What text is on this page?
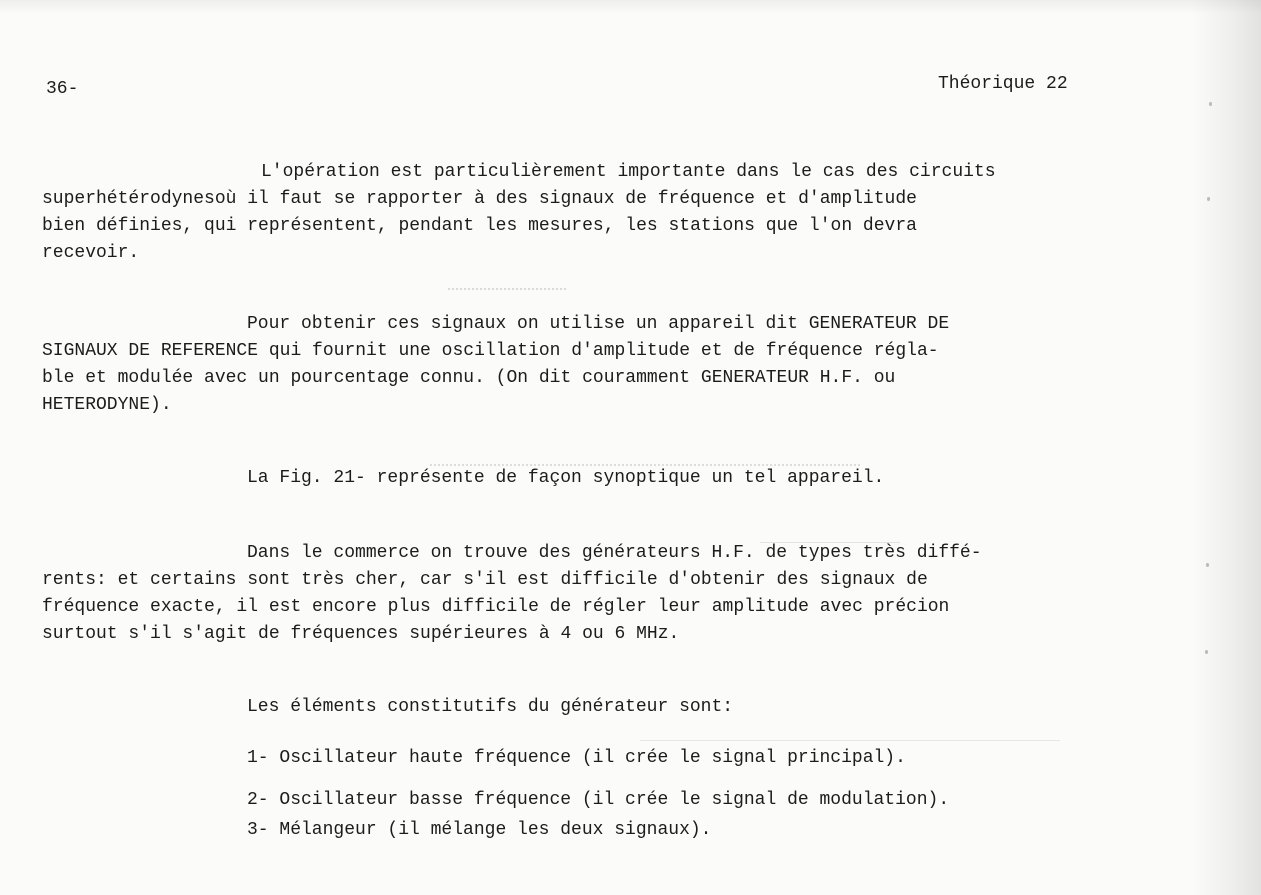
36-	Théorique 22
L'opération est particulièrement importante dans le cas des circuits
superhétérodynesoù il faut se rapporter à des signaux de fréquence et d'amplitude
bien définies, qui représentent, pendant les mesures, les stations que l'on devra
recevoir.
Pour obtenir ces signaux on utilise un appareil dit GENERATEUR DE
SIGNAUX DE REFERENCE qui fournit une oscillation d'amplitude et de fréquence régla-
ble et modulée avec un pourcentage connu. (On dit couramment GENERATEUR H.F. ou
HETERODYNE).
La Fig. 21- représente de façon synoptique un tel appareil.
Dans le commerce on trouve des générateurs H.F. de types très diffé-
rents: et certains sont très cher, car s'il est difficile d'obtenir des signaux de
fréquence exacte, il est encore plus difficile de régler leur amplitude avec précion
surtout s'il s'agit de fréquences supérieures à 4 ou 6 MHz.
Les éléments constitutifs du générateur sont:
1- Oscillateur haute fréquence (il crée le signal principal).
2- Oscillateur basse fréquence (il crée le signal de modulation).
3- Mélangeur (il mélange les deux signaux).
